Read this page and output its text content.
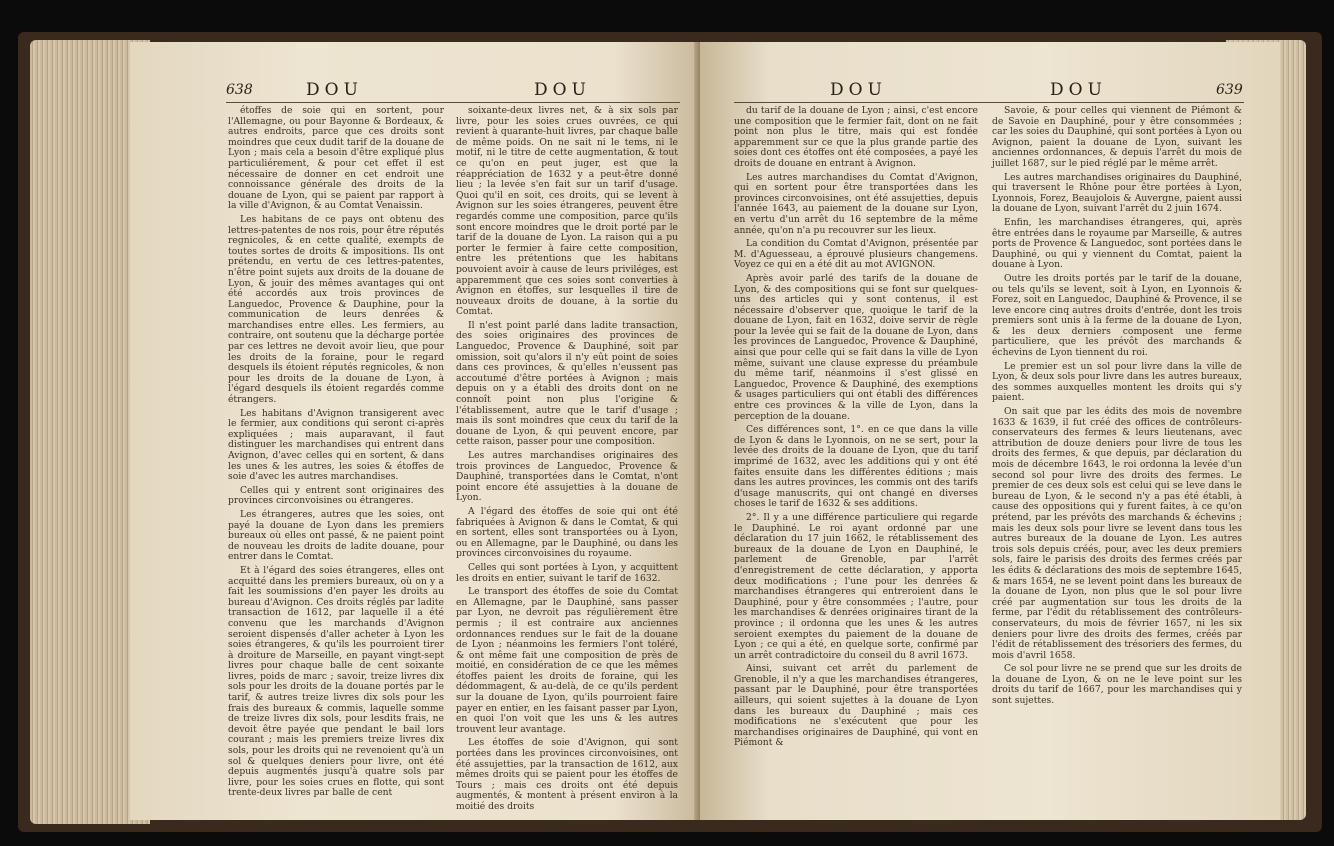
638	DOU	DOU

étoffes de soie qui en sortent, pour l'Allemagne, ou pour Bayonne & Bordeaux, & autres endroits, parce que ces droits sont moindres que ceux dudit tarif de la douane de Lyon ; mais cela a besoin d'être expliqué plus particuliérement, & pour cet effet il est nécessaire de donner en cet endroit une connoissance générale des droits de la douane de Lyon, qui se paient par rapport à la ville d'Avignon, & au Comtat Venaissin.

Les habitans de ce pays ont obtenu des lettres-patentes de nos rois, pour être réputés regnicoles, & en cette qualité, exempts de toutes sortes de droits & impositions. Ils ont prétendu, en vertu de ces lettres-patentes, n'être point sujets aux droits de la douane de Lyon, & jouir des mêmes avantages qui ont été accordés aux trois provinces de Languedoc, Provence & Dauphine, pour la communication de leurs denrées & marchandises entre elles. Les fermiers, au contraire, ont soutenu que la décharge portée par ces lettres ne devoit avoir lieu, que pour les droits de la foraine, pour le regard desquels ils étoient réputés regnicoles, & non pour les droits de la douane de Lyon, à l'égard desquels ils étoient regardés comme étrangers.

Les habitans d'Avignon transigerent avec le fermier, aux conditions qui seront ci-après expliquées ; mais auparavant, il faut distinguer les marchandises qui entrent dans Avignon, d'avec celles qui en sortent, & dans les unes & les autres, les soies & étoffes de soie d'avec les autres marchandises.

Celles qui y entrent sont originaires des provinces circonvoisines ou étrangeres.

Les étrangeres, autres que les soies, ont payé la douane de Lyon dans les premiers bureaux où elles ont passé, & ne paient point de nouveau les droits de ladite douane, pour entrer dans le Comtat.

Et à l'égard des soies étrangeres, elles ont acquitté dans les premiers bureaux, où on y a fait les soumissions d'en payer les droits au bureau d'Avignon. Ces droits réglés par ladite transaction de 1612, par laquelle il a été convenu que les marchands d'Avignon seroient dispensés d'aller acheter à Lyon les soies étrangeres, & qu'ils les pourroient tirer à droiture de Marseille, en payant vingt-sept livres pour chaque balle de cent soixante livres, poids de marc ; savoir, treize livres dix sols pour les droits de la douane portés par le tarif, & autres treize livres dix sols pour les frais des bureaux & commis, laquelle somme de treize livres dix sols, pour lesdits frais, ne devoit être payée que pendant le bail lors courant ; mais les premiers treize livres dix sols, pour les droits qui ne revenoient qu'à un sol & quelques deniers pour livre, ont été depuis augmentés jusqu'à quatre sols par livre, pour les soies crues en flotte, qui sont trente-deux livres par balle de cent

soixante-deux livres net, & à six sols par livre, pour les soies crues ouvrées, ce qui revient à quarante-huit livres, par chaque balle de même poids. On ne sait ni le tems, ni le motif, ni le titre de cette augmentation, & tout ce qu'on en peut juger, est que la réappréciation de 1632 y a peut-être donné lieu ; la levée s'en fait sur un tarif d'usage. Quoi qu'il en soit, ces droits, qui se levent à Avignon sur les soies étrangeres, peuvent être regardés comme une composition, parce qu'ils sont encore moindres que le droit porté par le tarif de la douane de Lyon. La raison qui a pu porter le fermier à faire cette composition, entre les prétentions que les habitans pouvoient avoir à cause de leurs priviléges, est apparemment que ces soies sont converties à Avignon en étoffes, sur lesquelles il tire de nouveaux droits de douane, à la sortie du Comtat.

Il n'est point parlé dans ladite transaction, des soies originaires des provinces de Languedoc, Provence & Dauphiné, soit par omission, soit qu'alors il n'y eût point de soies dans ces provinces, & qu'elles n'eussent pas accoutumé d'être portées à Avignon ; mais depuis on y a établi des droits dont on ne connoît point non plus l'origine & l'établissement, autre que le tarif d'usage ; mais ils sont moindres que ceux du tarif de la douane de Lyon, & qui peuvent encore, par cette raison, passer pour une composition.

Les autres marchandises originaires des trois provinces de Languedoc, Provence & Dauphiné, transportées dans le Comtat, n'ont point encore été assujetties à la douane de Lyon.

A l'égard des étoffes de soie qui ont été fabriquées à Avignon & dans le Comtat, & qui en sortent, elles sont transportées ou à Lyon, ou en Allemagne, par le Dauphiné, ou dans les provinces circonvoisines du royaume.

Celles qui sont portées à Lyon, y acquittent les droits en entier, suivant le tarif de 1632.

Le transport des étoffes de soie du Comtat en Allemagne, par le Dauphiné, sans passer par Lyon, ne devroit pas régulièrement être permis ; il est contraire aux anciennes ordonnances rendues sur le fait de la douane de Lyon ; néanmoins les fermiers l'ont toléré, & ont même fait une composition de près de moitié, en considération de ce que les mêmes étoffes paient les droits de foraine, qui les dédommagent, & au-delà, de ce qu'ils perdent sur la douane de Lyon, qu'ils pourroient faire payer en entier, en les faisant passer par Lyon, en quoi l'on voit que les uns & les autres trouvent leur avantage.

Les étoffes de soie d'Avignon, qui sont portées dans les provinces circonvoisines, ont été assujetties, par la transaction de 1612, aux mêmes droits qui se paient pour les étoffes de Tours ; mais ces droits ont été depuis augmentés, & montent à présent environ à la moitié des droits

DOU	DOU	639

du tarif de la douane de Lyon ; ainsi, c'est encore une composition que le fermier fait, dont on ne fait point non plus le titre, mais qui est fondée apparemment sur ce que la plus grande partie des soies dont ces étoffes ont été composées, a payé les droits de douane en entrant à Avignon.

Les autres marchandises du Comtat d'Avignon, qui en sortent pour être transportées dans les provinces circonvoisines, ont été assujetties, depuis l'année 1643, au paiement de la douane sur Lyon, en vertu d'un arrêt du 16 septembre de la même année, qu'on n'a pu recouvrer sur les lieux.

La condition du Comtat d'Avignon, présentée par M. d'Aguesseau, a éprouvé plusieurs changemens. Voyez ce qui en a été dit au mot AVIGNON.

Après avoir parlé des tarifs de la douane de Lyon, & des compositions qui se font sur quelques-uns des articles qui y sont contenus, il est nécessaire d'observer que, quoique le tarif de la douane de Lyon, fait en 1632, doive servir de règle pour la levée qui se fait de la douane de Lyon, dans les provinces de Languedoc, Provence & Dauphiné, ainsi que pour celle qui se fait dans la ville de Lyon même, suivant une clause expresse du préambule du même tarif, néanmoins il s'est glissé en Languedoc, Provence & Dauphiné, des exemptions & usages particuliers qui ont établi des différences entre ces provinces & la ville de Lyon, dans la perception de la douane.

Ces différences sont, 1°. en ce que dans la ville de Lyon & dans le Lyonnois, on ne se sert, pour la levée des droits de la douane de Lyon, que du tarif imprimé de 1632, avec les additions qui y ont été faites ensuite dans les différentes éditions ; mais dans les autres provinces, les commis ont des tarifs d'usage manuscrits, qui ont changé en diverses choses le tarif de 1632 & ses additions.

2°. Il y a une différence particuliere qui regarde le Dauphiné. Le roi ayant ordonné par une déclaration du 17 juin 1662, le rétablissement des bureaux de la douane de Lyon en Dauphiné, le parlement de Grenoble, par l'arrêt d'enregistrement de cette déclaration, y apporta deux modifications ; l'une pour les denrées & marchandises étrangeres qui entreroient dans le Dauphiné, pour y être consommées ; l'autre, pour les marchandises & denrées originaires tirant de la province ; il ordonna que les unes & les autres seroient exemptes du paiement de la douane de Lyon ; ce qui a été, en quelque sorte, confirmé par un arrêt contradictoire du conseil du 8 avril 1673.

Ainsi, suivant cet arrêt du parlement de Grenoble, il n'y a que les marchandises étrangeres, passant par le Dauphiné, pour être transportées ailleurs, qui soient sujettes à la douane de Lyon dans les bureaux du Dauphiné ; mais ces modifications ne s'exécutent que pour les marchandises originaires de Dauphiné, qui vont en Piémont &

Savoie, & pour celles qui viennent de Piémont & de Savoie en Dauphiné, pour y être consommées ; car les soies du Dauphiné, qui sont portées à Lyon ou Avignon, paient la douane de Lyon, suivant les anciennes ordonnances, & depuis l'arrêt du mois de juillet 1687, sur le pied réglé par le même arrêt.

Les autres marchandises originaires du Dauphiné, qui traversent le Rhône pour être portées à Lyon, Lyonnois, Forez, Beaujolois & Auvergne, paient aussi la douane de Lyon, suivant l'arrêt du 2 juin 1674.

Enfin, les marchandises étrangeres, qui, après être entrées dans le royaume par Marseille, & autres ports de Provence & Languedoc, sont portées dans le Dauphiné, ou qui y viennent du Comtat, paient la douane à Lyon.

Outre les droits portés par le tarif de la douane, ou tels qu'ils se levent, soit à Lyon, en Lyonnois & Forez, soit en Languedoc, Dauphiné & Provence, il se leve encore cinq autres droits d'entrée, dont les trois premiers sont unis à la ferme de la douane de Lyon, & les deux derniers composent une ferme particuliere, que les prévôt des marchands & échevins de Lyon tiennent du roi.

Le premier est un sol pour livre dans la ville de Lyon, & deux sols pour livre dans les autres bureaux, des sommes auxquelles montent les droits qui s'y paient.

On sait que par les édits des mois de novembre 1633 & 1639, il fut créé des offices de contrôleurs-conservateurs des fermes & leurs lieutenans, avec attribution de douze deniers pour livre de tous les droits des fermes, & que depuis, par déclaration du mois de décembre 1643, le roi ordonna la levée d'un second sol pour livre des droits des fermes. Le premier de ces deux sols est celui qui se leve dans le bureau de Lyon, & le second n'y a pas été établi, à cause des oppositions qui y furent faites, à ce qu'on prétend, par les prévôts des marchands & échevins ; mais les deux sols pour livre se levent dans tous les autres bureaux de la douane de Lyon. Les autres trois sols depuis créés, pour, avec les deux premiers sols, faire le parisis des droits des fermes créés par les édits & déclarations des mois de septembre 1645, & mars 1654, ne se levent point dans les bureaux de la douane de Lyon, non plus que le sol pour livre créé par augmentation sur tous les droits de la ferme, par l'édit du rétablissement des contrôleurs-conservateurs, du mois de février 1657, ni les six deniers pour livre des droits des fermes, créés par l'édit de rétablissement des trésoriers des fermes, du mois d'avril 1658.

Ce sol pour livre ne se prend que sur les droits de la douane de Lyon, & on ne le leve point sur les droits du tarif de 1667, pour les marchandises qui y sont sujettes.
